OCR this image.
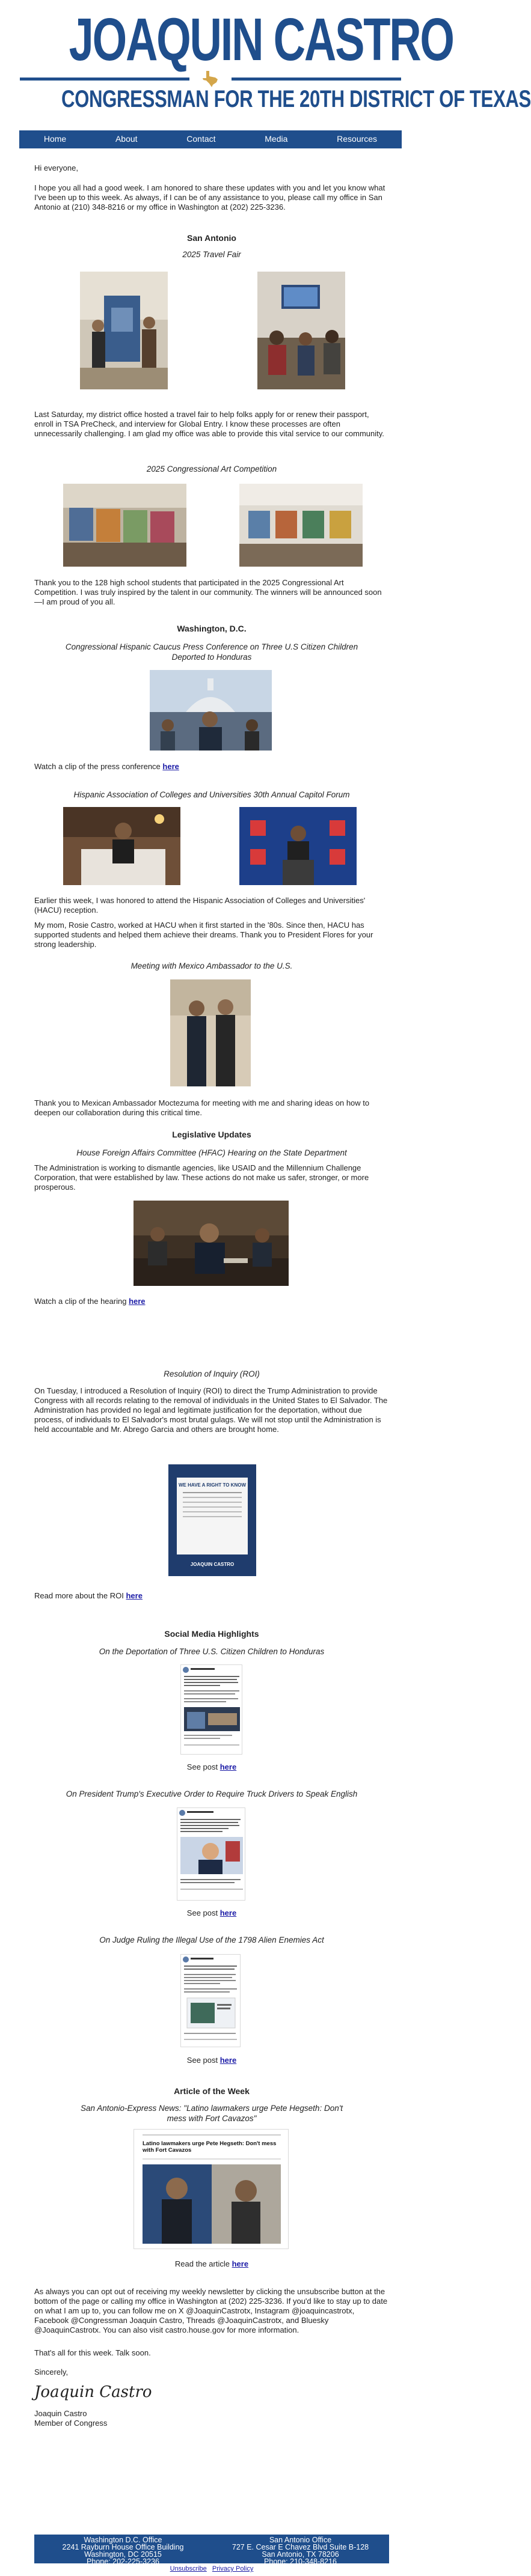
JOAQUIN CASTRO
CONGRESSMAN FOR THE 20TH DISTRICT OF TEXAS
Home	About	Contact	Media	Resources
Hi everyone,
I hope you all had a good week. I am honored to share these updates with you and let you know what I've been up to this week. As always, if I can be of any assistance to you, please call my office in San Antonio at (210) 348-8216 or my office in Washington at (202) 225-3236.
San Antonio
2025 Travel Fair
Last Saturday, my district office hosted a travel fair to help folks apply for or renew their passport, enroll in TSA PreCheck, and interview for Global Entry. I know these processes are often unnecessarily challenging. I am glad my office was able to provide this vital service to our community.
2025 Congressional Art Competition
Thank you to the 128 high school students that participated in the 2025 Congressional Art Competition. I was truly inspired by the talent in our community. The winners will be announced soon—I am proud of you all.
Washington, D.C.
Congressional Hispanic Caucus Press Conference on Three U.S Citizen Children Deported to Honduras
Watch a clip of the press conference here
Hispanic Association of Colleges and Universities 30th Annual Capitol Forum
Earlier this week, I was honored to attend the Hispanic Association of Colleges and Universities' (HACU) reception.
My mom, Rosie Castro, worked at HACU when it first started in the '80s. Since then, HACU has supported students and helped them achieve their dreams. Thank you to President Flores for your strong leadership.
Meeting with Mexico Ambassador to the U.S.
Thank you to Mexican Ambassador Moctezuma for meeting with me and sharing ideas on how to deepen our collaboration during this critical time.
Legislative Updates
House Foreign Affairs Committee (HFAC) Hearing on the State Department
The Administration is working to dismantle agencies, like USAID and the Millennium Challenge Corporation, that were established by law. These actions do not make us safer, stronger, or more prosperous.
Watch a clip of the hearing here
Resolution of Inquiry (ROI)
On Tuesday, I introduced a Resolution of Inquiry (ROI) to direct the Trump Administration to provide Congress with all records relating to the removal of individuals in the United States to El Salvador. The Administration has provided no legal and legitimate justification for the deportation, without due process, of individuals to El Salvador's most brutal gulags. We will not stop until the Administration is held accountable and Mr. Abrego Garcia and others are brought home.
WE HAVE A RIGHT TO KNOW
JOAQUIN CASTRO
Read more about the ROI here
Social Media Highlights
On the Deportation of Three U.S. Citizen Children to Honduras
See post here
On President Trump's Executive Order to Require Truck Drivers to Speak English
See post here
On Judge Ruling the Illegal Use of the 1798 Alien Enemies Act
See post here
Article of the Week
San Antonio-Express News: "Latino lawmakers urge Pete Hegseth: Don't mess with Fort Cavazos"
Latino lawmakers urge Pete Hegseth: Don't mess with Fort Cavazos
Read the article here
As always you can opt out of receiving my weekly newsletter by clicking the unsubscribe button at the bottom of the page or calling my office in Washington at (202) 225-3236. If you'd like to stay up to date on what I am up to, you can follow me on X @JoaquinCastrotx, Instagram @joaquincastrotx, Facebook @Congressman Joaquin Castro, Threads @JoaquinCastrotx, and Bluesky @JoaquinCastrotx. You can also visit castro.house.gov for more information.
That's all for this week. Talk soon.
Sincerely,
Joaquin Castro
Joaquin Castro
Member of Congress
Washington D.C. Office
2241 Rayburn House Office Building
Washington, DC 20515
Phone: 202-225-3236
Fax: 202-225-1915
San Antonio Office
727 E. Cesar E Chavez Blvd Suite B-128
San Antonio, TX 78206
Phone: 210-348-8216
Fax: 210-979-0737
Unsubscribe Privacy Policy
